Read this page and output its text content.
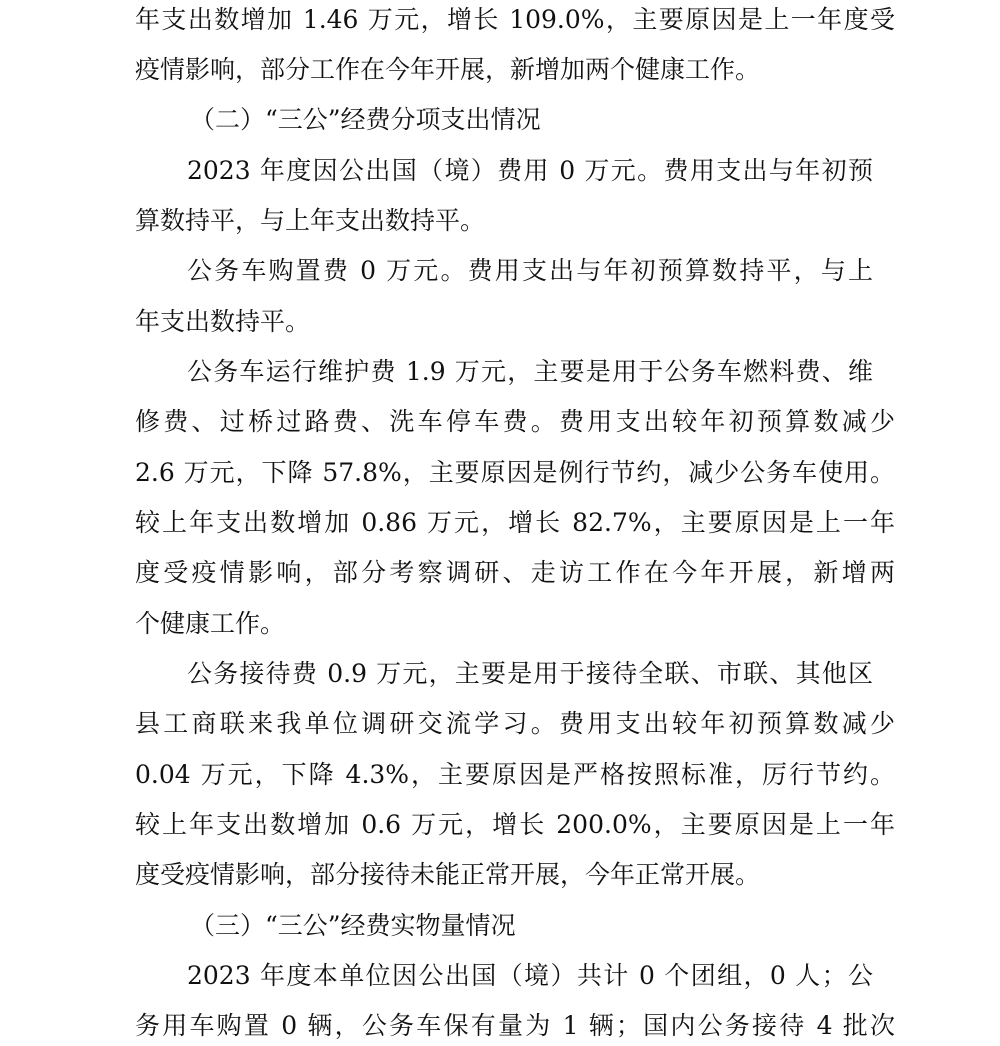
年支出数增加 1.46 万元，增长 109.0%，主要原因是上一年度受
疫情影响，部分工作在今年开展，新增加两个健康工作。
（二）“三公”经费分项支出情况
2023 年度因公出国（境）费用 0 万元。费用支出与年初预
算数持平，与上年支出数持平。
公务车购置费 0 万元。费用支出与年初预算数持平，与上
年支出数持平。
公务车运行维护费 1.9 万元，主要是用于公务车燃料费、维
修费、过桥过路费、洗车停车费。费用支出较年初预算数减少
2.6 万元，下降 57.8%，主要原因是例行节约，减少公务车使用。
较上年支出数增加 0.86 万元，增长 82.7%，主要原因是上一年
度受疫情影响，部分考察调研、走访工作在今年开展，新增两
个健康工作。
公务接待费 0.9 万元，主要是用于接待全联、市联、其他区
县工商联来我单位调研交流学习。费用支出较年初预算数减少
0.04 万元，下降 4.3%，主要原因是严格按照标准，厉行节约。
较上年支出数增加 0.6 万元，增长 200.0%，主要原因是上一年
度受疫情影响，部分接待未能正常开展，今年正常开展。
（三）“三公”经费实物量情况
2023 年度本单位因公出国（境）共计 0 个团组，0 人；公
务用车购置 0 辆，公务车保有量为 1 辆；国内公务接待 4 批次
